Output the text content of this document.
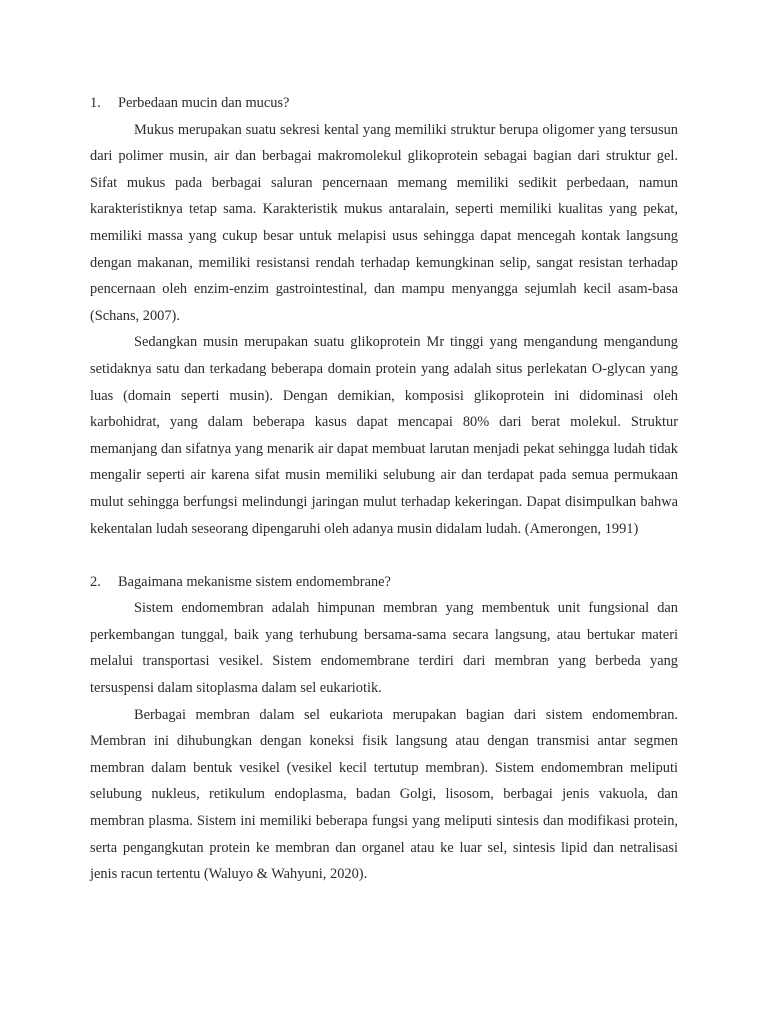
1.	Perbedaan mucin dan mucus?

Mukus merupakan suatu sekresi kental yang memiliki struktur berupa oligomer yang tersusun dari polimer musin, air dan berbagai makromolekul glikoprotein sebagai bagian dari struktur gel. Sifat mukus pada berbagai saluran pencernaan memang memiliki sedikit perbedaan, namun karakteristiknya tetap sama. Karakteristik mukus antaralain, seperti memiliki kualitas yang pekat, memiliki massa yang cukup besar untuk melapisi usus sehingga dapat mencegah kontak langsung dengan makanan, memiliki resistansi rendah terhadap kemungkinan selip, sangat resistan terhadap pencernaan oleh enzim-enzim gastrointestinal, dan mampu menyangga sejumlah kecil asam-basa (Schans, 2007).

Sedangkan musin merupakan suatu glikoprotein Mr tinggi yang mengandung mengandung setidaknya satu dan terkadang beberapa domain protein yang adalah situs perlekatan O-glycan yang luas (domain seperti musin). Dengan demikian, komposisi glikoprotein ini didominasi oleh karbohidrat, yang dalam beberapa kasus dapat mencapai 80% dari berat molekul. Struktur memanjang dan sifatnya yang menarik air dapat membuat larutan menjadi pekat sehingga ludah tidak mengalir seperti air karena sifat musin memiliki selubung air dan terdapat pada semua permukaan mulut sehingga berfungsi melindungi jaringan mulut terhadap kekeringan. Dapat disimpulkan bahwa kekentalan ludah seseorang dipengaruhi oleh adanya musin didalam ludah. (Amerongen, 1991)

2.	Bagaimana mekanisme sistem endomembrane?

Sistem endomembran adalah himpunan membran yang membentuk unit fungsional dan perkembangan tunggal, baik yang terhubung bersama-sama secara langsung, atau bertukar materi melalui transportasi vesikel. Sistem endomembrane terdiri dari membran yang berbeda yang tersuspensi dalam sitoplasma dalam sel eukariotik.

Berbagai membran dalam sel eukariota merupakan bagian dari sistem endomembran. Membran ini dihubungkan dengan koneksi fisik langsung atau dengan transmisi antar segmen membran dalam bentuk vesikel (vesikel kecil tertutup membran). Sistem endomembran meliputi selubung nukleus, retikulum endoplasma, badan Golgi, lisosom, berbagai jenis vakuola, dan membran plasma. Sistem ini memiliki beberapa fungsi yang meliputi sintesis dan modifikasi protein, serta pengangkutan protein ke membran dan organel atau ke luar sel, sintesis lipid dan netralisasi jenis racun tertentu (Waluyo & Wahyuni, 2020).
